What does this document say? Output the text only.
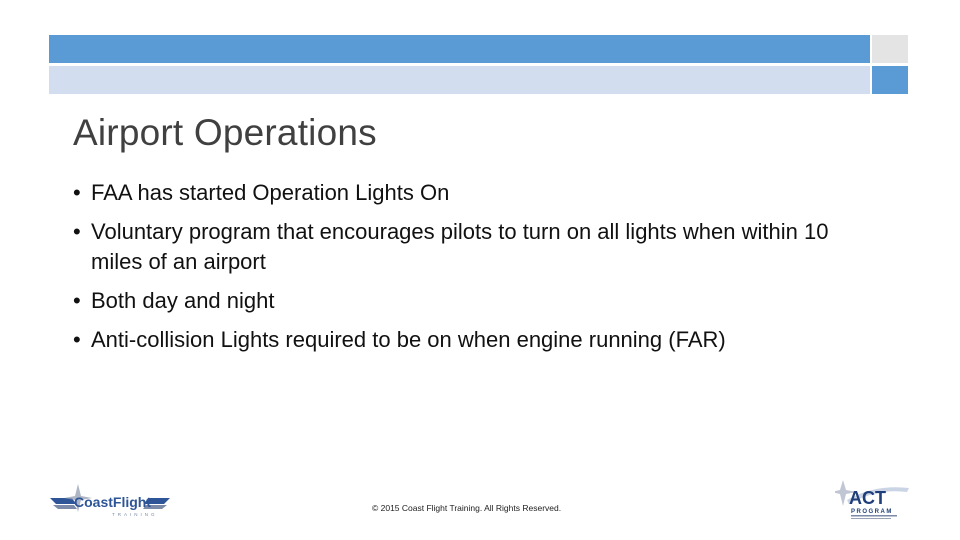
Airport Operations
• FAA has started Operation Lights On
• Voluntary program that encourages pilots to turn on all lights when within 10 miles of an airport
• Both day and night
• Anti-collision Lights required to be on when engine running (FAR)
CoastFlight
TRAINING
© 2015 Coast Flight Training. All Rights Reserved.	ACT
PROGRAM
